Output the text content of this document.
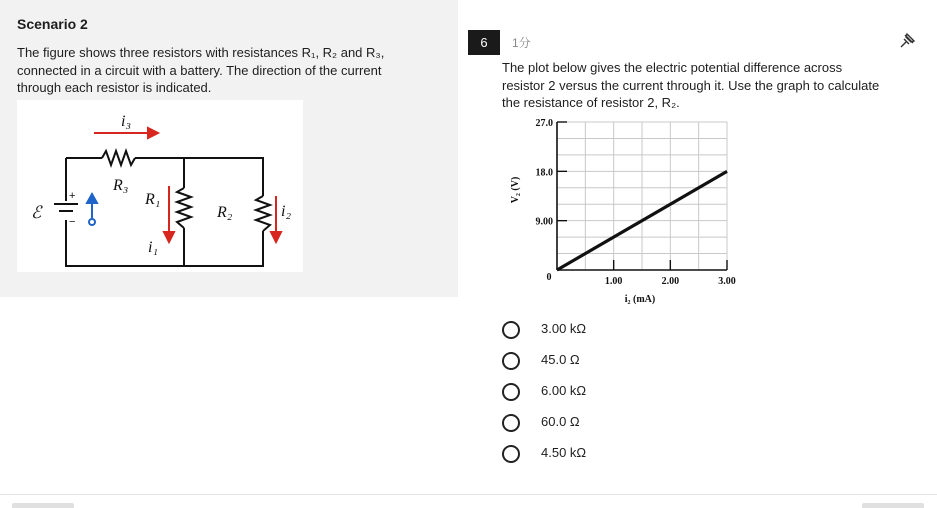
Scenario 2
The figure shows three resistors with resistances R₁, R₂ and R₃,
connected in a circuit with a battery. The direction of the current
through each resistor is indicated.
i₃
R₃
R₁
R₂	i₂
i₁
ℰ
+
−
6	1分
The plot below gives the electric potential difference across
resistor 2 versus the current through it. Use the graph to calculate
the resistance of resistor 2, R₂.
27.0
18.0
9.00
1.00	2.00	3.00
0
i₂ (mA)
V₂ (V)
3.00 kΩ
45.0 Ω
6.00 kΩ
60.0 Ω
4.50 kΩ
